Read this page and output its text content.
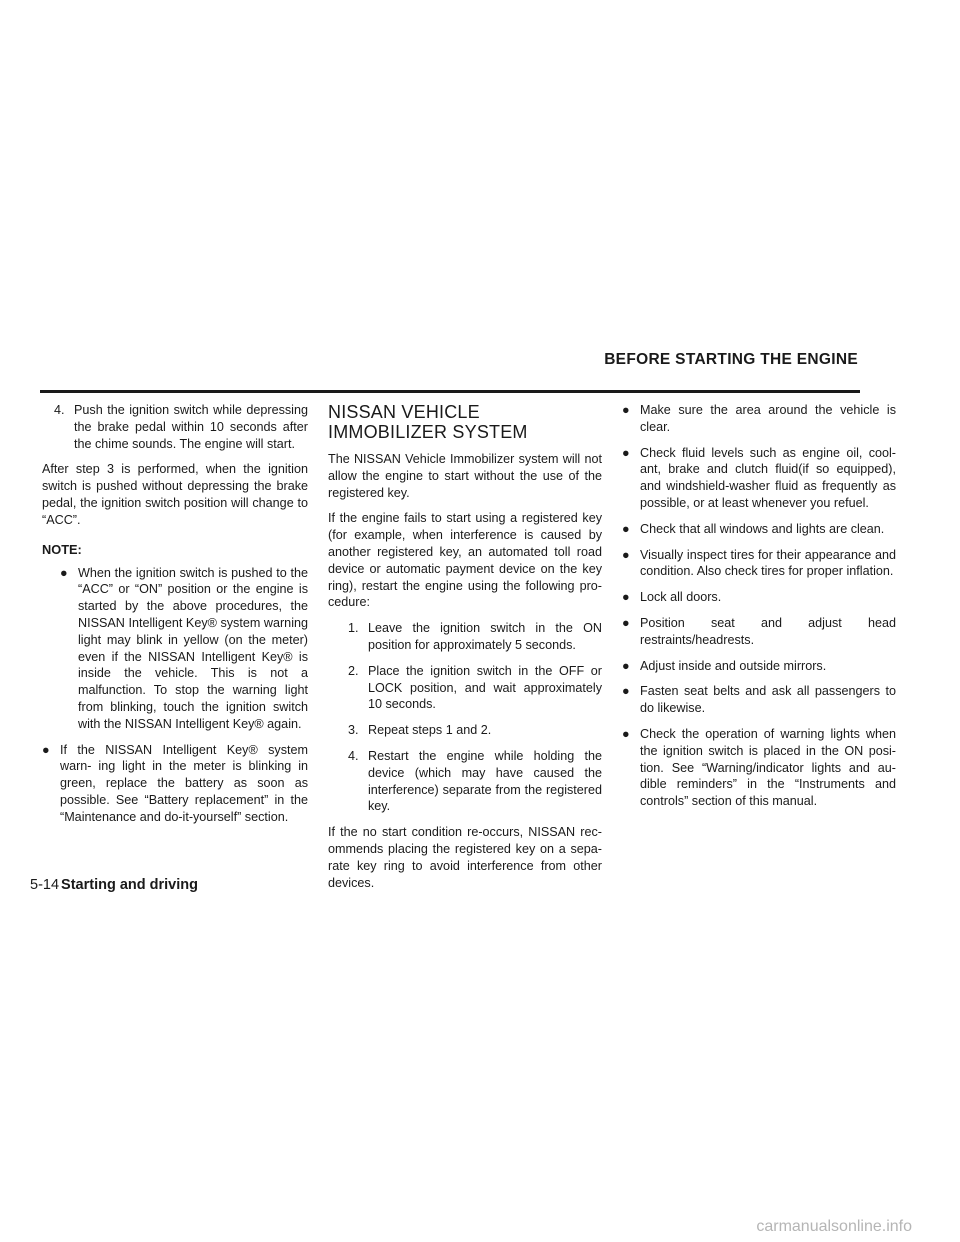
BEFORE STARTING THE ENGINE
4. Push the ignition switch while depressing the brake pedal within 10 seconds after the chime sounds. The engine will start.

After step 3 is performed, when the ignition switch is pushed without depressing the brake pedal, the ignition switch position will change to “ACC”.

NOTE:
● When the ignition switch is pushed to the “ACC” or “ON” position or the engine is started by the above procedures, the NISSAN Intelligent Key® system warning light may blink in yellow (on the meter) even if the NISSAN Intelligent Key® is inside the vehicle. This is not a malfunction. To stop the warning light from blinking, touch the ignition switch with the NISSAN Intelligent Key® again.
● If the NISSAN Intelligent Key® system warn- ing light in the meter is blinking in green, replace the battery as soon as possible. See “Battery replacement” in the “Maintenance and do-it-yourself” section.
NISSAN VEHICLE IMMOBILIZER SYSTEM

The NISSAN Vehicle Immobilizer system will not allow the engine to start without the use of the registered key.

If the engine fails to start using a registered key (for example, when interference is caused by another registered key, an automated toll road device or automatic payment device on the key ring), restart the engine using the following pro- cedure:

1. Leave the ignition switch in the ON position for approximately 5 seconds.
2. Place the ignition switch in the OFF or LOCK position, and wait approximately 10 seconds.
3. Repeat steps 1 and 2.
4. Restart the engine while holding the device (which may have caused the interference) separate from the registered key.

If the no start condition re-occurs, NISSAN rec- ommends placing the registered key on a sepa- rate key ring to avoid interference from other devices.

● Make sure the area around the vehicle is clear.
● Check fluid levels such as engine oil, cool- ant, brake and clutch fluid(if so equipped), and windshield-washer fluid as frequently as possible, or at least whenever you refuel.
● Check that all windows and lights are clean.
● Visually inspect tires for their appearance and condition. Also check tires for proper inflation.
● Lock all doors.
● Position seat and adjust head restraints/headrests.
● Adjust inside and outside mirrors.
● Fasten seat belts and ask all passengers to do likewise.
● Check the operation of warning lights when the ignition switch is placed in the ON posi- tion. See “Warning/indicator lights and au- dible reminders” in the “Instruments and controls” section of this manual.
5-14 Starting and driving
carmanualsonline.info
